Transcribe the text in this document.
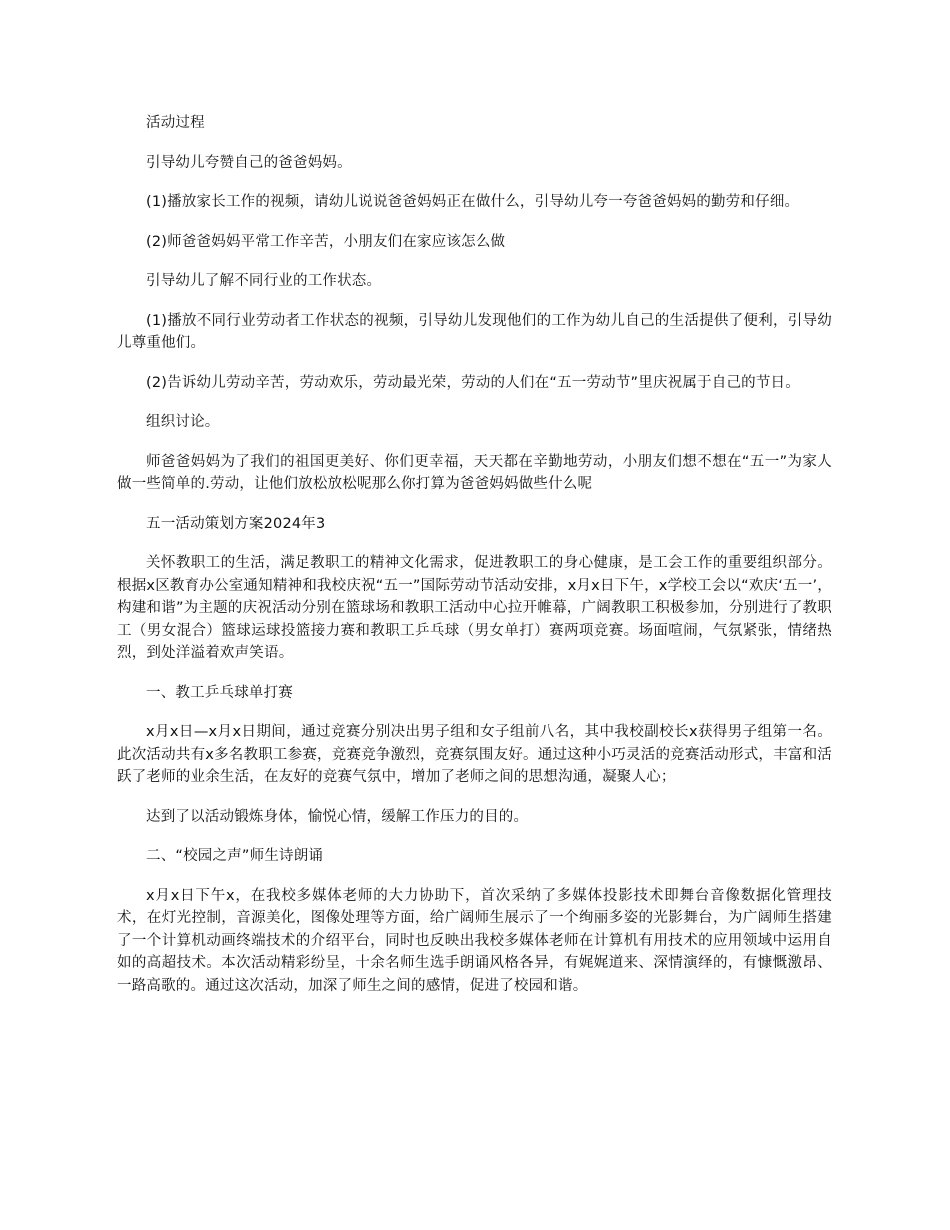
活动过程

引导幼儿夸赞自己的爸爸妈妈。

(1)播放家长工作的视频，请幼儿说说爸爸妈妈正在做什么，引导幼儿夸一夸爸爸妈妈的勤劳和仔细。

(2)师爸爸妈妈平常工作辛苦，小朋友们在家应该怎么做

引导幼儿了解不同行业的工作状态。

(1)播放不同行业劳动者工作状态的视频，引导幼儿发现他们的工作为幼儿自己的生活提供了便利，引导幼儿尊重他们。

(2)告诉幼儿劳动辛苦，劳动欢乐，劳动最光荣，劳动的人们在“五一劳动节”里庆祝属于自己的节日。

组织讨论。

师爸爸妈妈为了我们的祖国更美好、你们更幸福，天天都在辛勤地劳动，小朋友们想不想在“五一”为家人做一些简单的.劳动，让他们放松放松呢那么你打算为爸爸妈妈做些什么呢

五一活动策划方案2024年3

关怀教职工的生活，满足教职工的精神文化需求，促进教职工的身心健康，是工会工作的重要组织部分。根据x区教育办公室通知精神和我校庆祝“五一”国际劳动节活动安排，x月x日下午，x学校工会以“欢庆‘五一’，构建和谐”为主题的庆祝活动分别在篮球场和教职工活动中心拉开帷幕，广阔教职工积极参加，分别进行了教职工（男女混合）篮球运球投篮接力赛和教职工乒乓球（男女单打）赛两项竞赛。场面喧闹，气氛紧张，情绪热烈，到处洋溢着欢声笑语。

一、教工乒乓球单打赛

x月x日—x月x日期间，通过竞赛分别决出男子组和女子组前八名，其中我校副校长x获得男子组第一名。此次活动共有x多名教职工参赛，竞赛竞争激烈，竞赛氛围友好。通过这种小巧灵活的竞赛活动形式，丰富和活跃了老师的业余生活，在友好的竞赛气氛中，增加了老师之间的思想沟通，凝聚人心；

达到了以活动锻炼身体，愉悦心情，缓解工作压力的目的。

二、“校园之声”师生诗朗诵

x月x日下午x，在我校多媒体老师的大力协助下，首次采纳了多媒体投影技术即舞台音像数据化管理技术，在灯光控制，音源美化，图像处理等方面，给广阔师生展示了一个绚丽多姿的光影舞台，为广阔师生搭建了一个计算机动画终端技术的介绍平台，同时也反映出我校多媒体老师在计算机有用技术的应用领域中运用自如的高超技术。本次活动精彩纷呈，十余名师生选手朗诵风格各异，有娓娓道来、深情演绎的，有慷慨激昂、一路高歌的。通过这次活动，加深了师生之间的感情，促进了校园和谐。
